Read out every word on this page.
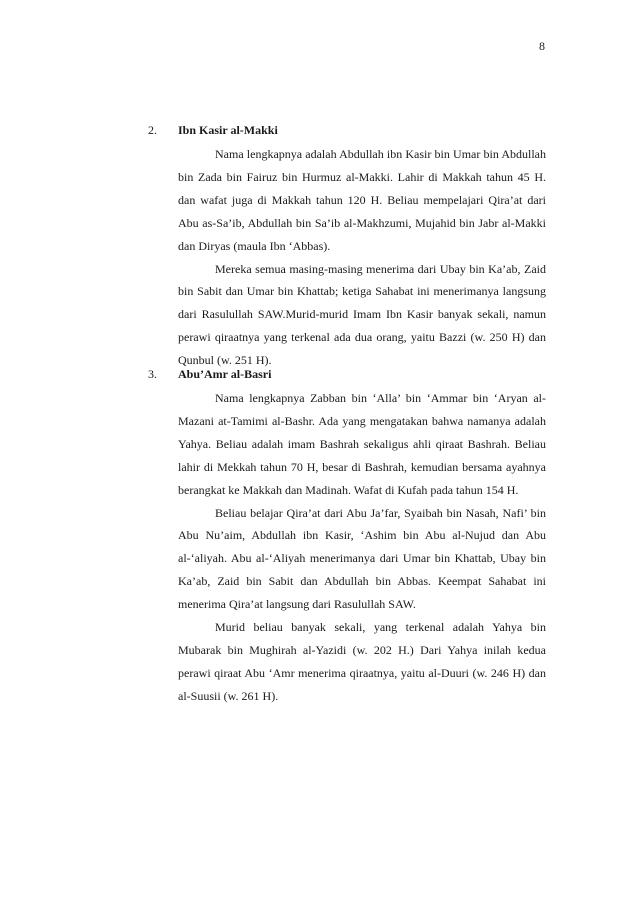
8
2.	Ibn Kasir al-Makki

Nama lengkapnya adalah Abdullah ibn Kasir bin Umar bin Abdullah bin Zada bin Fairuz bin Hurmuz al-Makki. Lahir di Makkah tahun 45 H. dan wafat juga di Makkah tahun 120 H. Beliau mempelajari Qira’at dari Abu as-Sa’ib, Abdullah bin Sa’ib al-Makhzumi, Mujahid bin Jabr al-Makki dan Diryas (maula Ibn ‘Abbas).

Mereka semua masing-masing menerima dari Ubay bin Ka’ab, Zaid bin Sabit dan Umar bin Khattab; ketiga Sahabat ini menerimanya langsung dari Rasulullah SAW.Murid-murid Imam Ibn Kasir banyak sekali, namun perawi qiraatnya yang terkenal ada dua orang, yaitu Bazzi (w. 250 H) dan Qunbul (w. 251 H).

3.	Abu’Amr al-Basri

Nama lengkapnya Zabban bin ‘Alla’ bin ‘Ammar bin ‘Aryan al-Mazani at-Tamimi al-Bashr. Ada yang mengatakan bahwa namanya adalah Yahya. Beliau adalah imam Bashrah sekaligus ahli qiraat Bashrah. Beliau lahir di Mekkah tahun 70 H, besar di Bashrah, kemudian bersama ayahnya berangkat ke Makkah dan Madinah. Wafat di Kufah pada tahun 154 H.

Beliau belajar Qira’at dari Abu Ja’far, Syaibah bin Nasah, Nafi’ bin Abu Nu’aim, Abdullah ibn Kasir, ‘Ashim bin Abu al-Nujud dan Abu al-‘aliyah. Abu al-‘Aliyah menerimanya dari Umar bin Khattab, Ubay bin Ka’ab, Zaid bin Sabit dan Abdullah bin Abbas. Keempat Sahabat ini menerima Qira’at langsung dari Rasulullah SAW.

Murid beliau banyak sekali, yang terkenal adalah Yahya bin Mubarak bin Mughirah al-Yazidi (w. 202 H.) Dari Yahya inilah kedua perawi qiraat Abu ‘Amr menerima qiraatnya, yaitu al-Duuri (w. 246 H) dan al-Suusii (w. 261 H).
